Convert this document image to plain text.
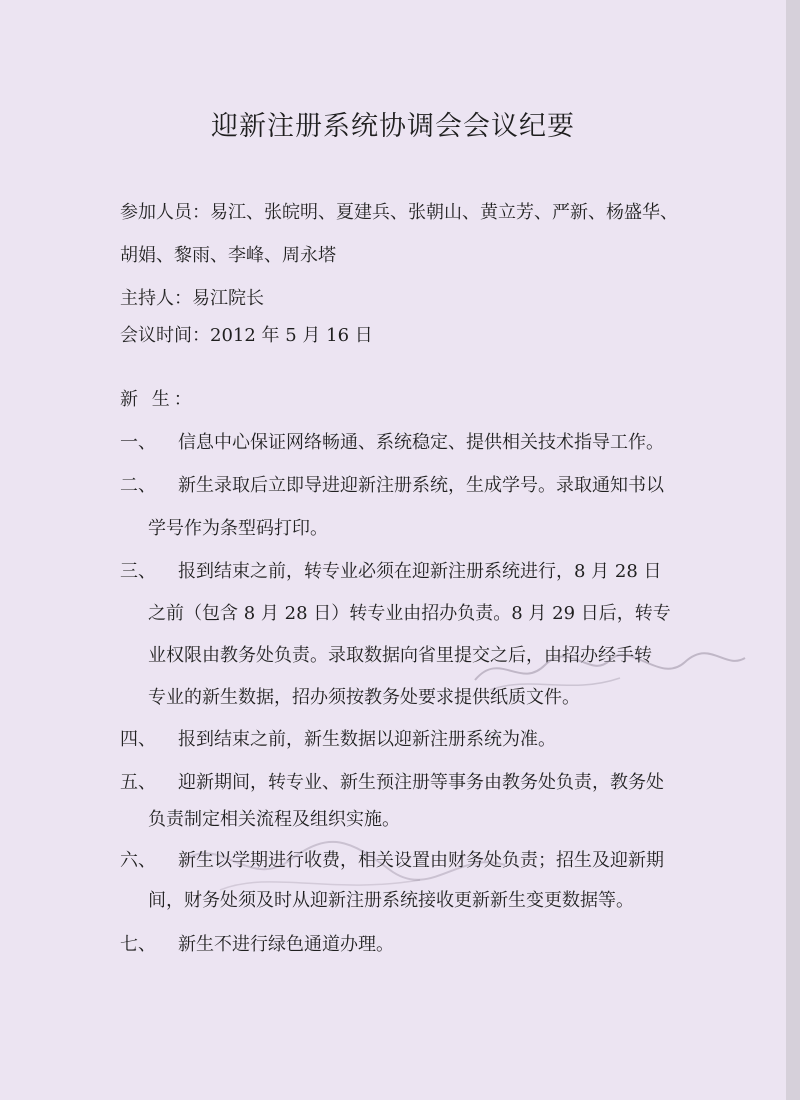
迎新注册系统协调会会议纪要
参加人员：易江、张皖明、夏建兵、张朝山、黄立芳、严新、杨盛华、
胡娟、黎雨、李峰、周永塔
主持人：易江院长
会议时间：2012 年 5 月 16 日
新 生：
一、 信息中心保证网络畅通、系统稳定、提供相关技术指导工作。
二、 新生录取后立即导进迎新注册系统，生成学号。录取通知书以
学号作为条型码打印。
三、 报到结束之前，转专业必须在迎新注册系统进行，8 月 28 日
之前（包含 8 月 28 日）转专业由招办负责。8 月 29 日后，转专
业权限由教务处负责。录取数据向省里提交之后，由招办经手转
专业的新生数据，招办须按教务处要求提供纸质文件。
四、 报到结束之前，新生数据以迎新注册系统为准。
五、 迎新期间，转专业、新生预注册等事务由教务处负责，教务处
负责制定相关流程及组织实施。
六、 新生以学期进行收费，相关设置由财务处负责；招生及迎新期
间，财务处须及时从迎新注册系统接收更新新生变更数据等。
七、 新生不进行绿色通道办理。
